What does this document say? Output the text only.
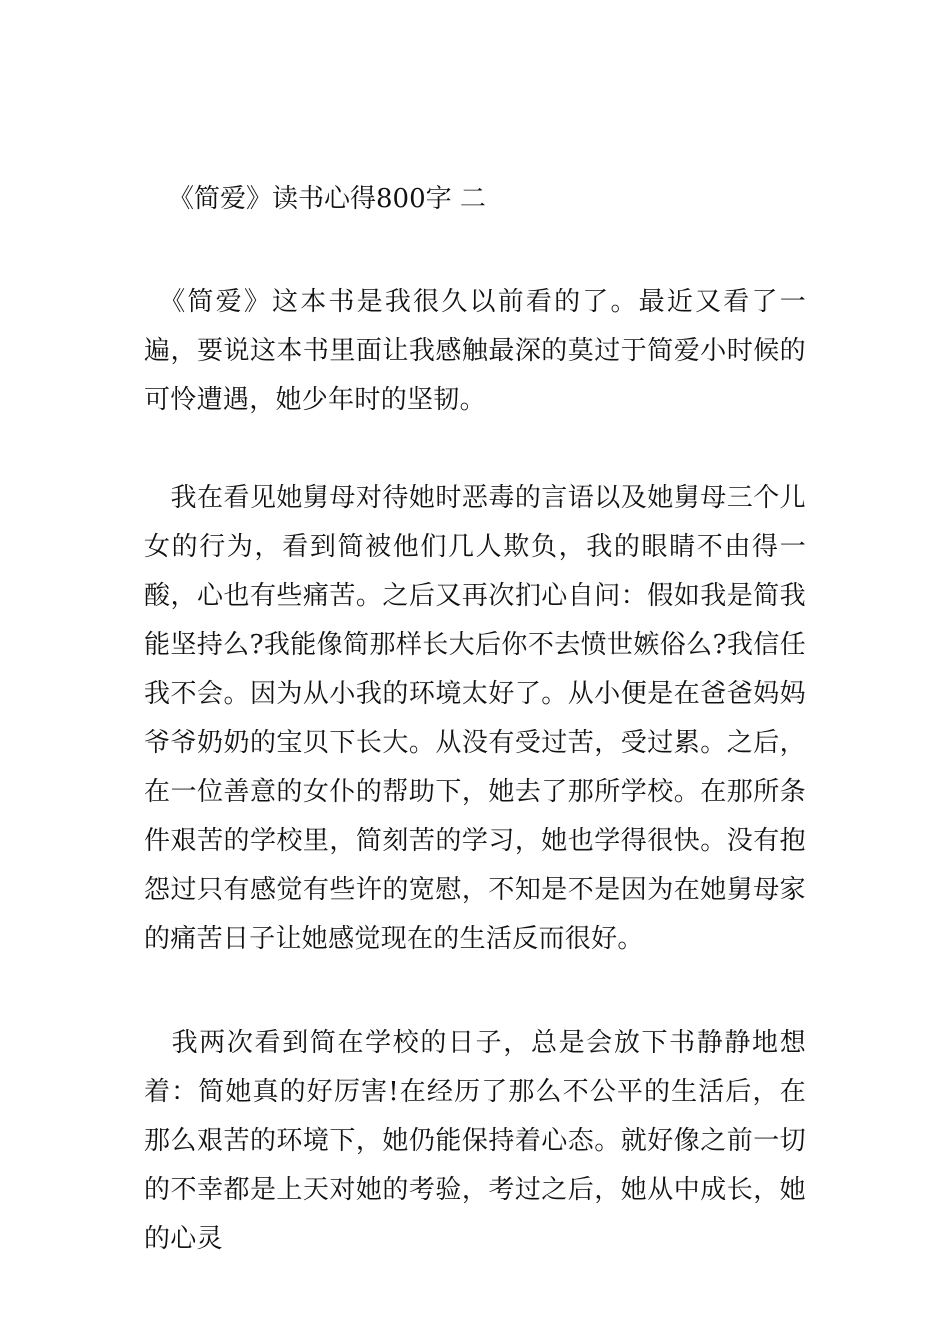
《简爱》读书心得800字 二

　《简爱》这本书是我很久以前看的了。最近又看了一遍，要说这本书里面让我感触最深的莫过于简爱小时候的可怜遭遇，她少年时的坚韧。

　我在看见她舅母对待她时恶毒的言语以及她舅母三个儿女的行为，看到简被他们几人欺负，我的眼睛不由得一酸，心也有些痛苦。之后又再次扪心自问：假如我是简我能坚持么?我能像简那样长大后你不去愤世嫉俗么?我信任我不会。因为从小我的环境太好了。从小便是在爸爸妈妈爷爷奶奶的宝贝下长大。从没有受过苦，受过累。之后，在一位善意的女仆的帮助下，她去了那所学校。在那所条件艰苦的学校里，简刻苦的学习，她也学得很快。没有抱怨过只有感觉有些许的宽慰，不知是不是因为在她舅母家的痛苦日子让她感觉现在的生活反而很好。

　我两次看到简在学校的日子，总是会放下书静静地想着：简她真的好厉害!在经历了那么不公平的生活后，在那么艰苦的环境下，她仍能保持着心态。就好像之前一切的不幸都是上天对她的考验，考过之后，她从中成长，她的心灵
